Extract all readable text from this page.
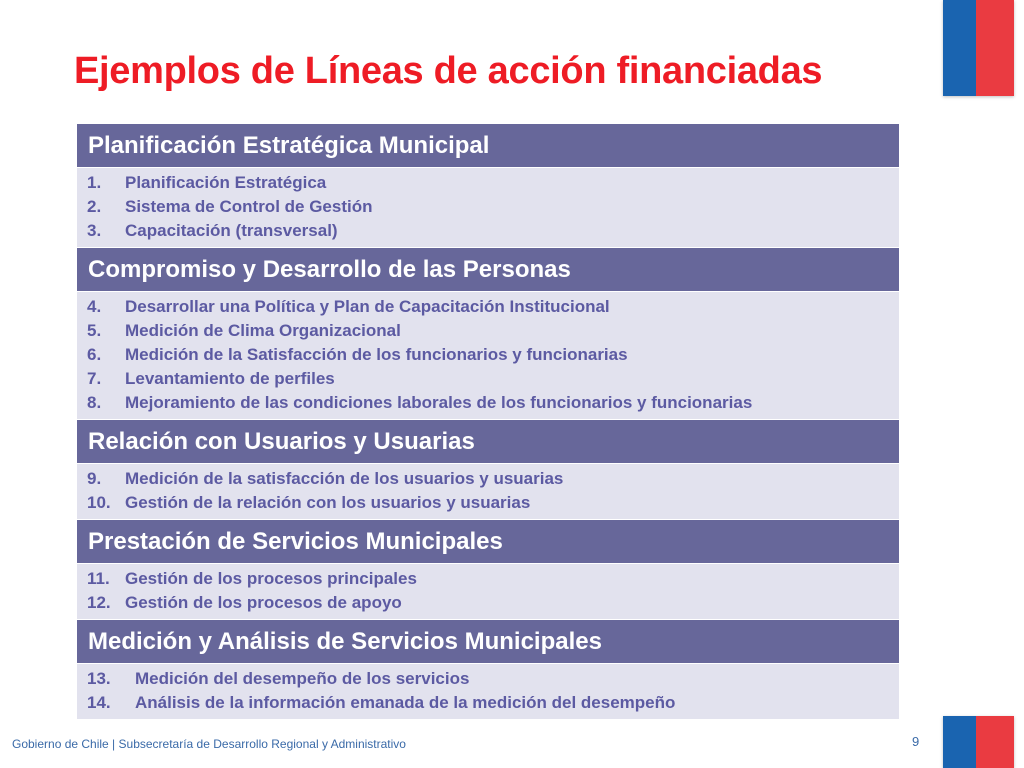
Ejemplos de Líneas de acción financiadas
Planificación Estratégica Municipal
1. Planificación Estratégica
2. Sistema de Control de Gestión
3. Capacitación (transversal)
Compromiso y Desarrollo de las Personas
4. Desarrollar una Política y Plan de Capacitación Institucional
5. Medición de Clima Organizacional
6. Medición de la Satisfacción de los funcionarios y funcionarias
7. Levantamiento de perfiles
8. Mejoramiento de las condiciones laborales de los funcionarios y funcionarias
Relación con Usuarios y Usuarias
9. Medición de la satisfacción de los usuarios y usuarias
10. Gestión de la relación con los usuarios y usuarias
Prestación de Servicios Municipales
11. Gestión de los procesos principales
12. Gestión de los procesos de apoyo
Medición y Análisis de Servicios Municipales
13. Medición del desempeño de los servicios
14. Análisis de la información emanada de la medición del desempeño
Gobierno de Chile | Subsecretaría de Desarrollo Regional y Administrativo	9
